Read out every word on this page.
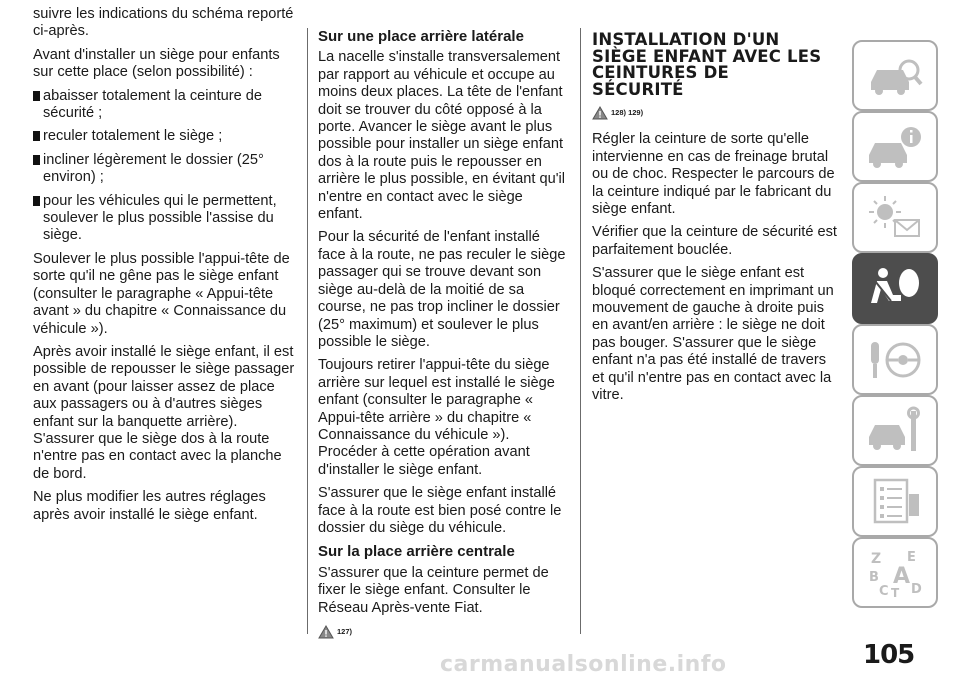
suivre les indications du schéma reporté ci-après.

Avant d'installer un siège pour enfants sur cette place (selon possibilité) :

abaisser totalement la ceinture de sécurité ;
reculer totalement le siège ;
incliner légèrement le dossier (25° environ) ;
pour les véhicules qui le permettent, soulever le plus possible l'assise du siège.

Soulever le plus possible l'appui-tête de sorte qu'il ne gêne pas le siège enfant (consulter le paragraphe « Appui-tête avant » du chapitre « Connaissance du véhicule »).

Après avoir installé le siège enfant, il est possible de repousser le siège passager en avant (pour laisser assez de place aux passagers ou à d'autres sièges enfant sur la banquette arrière). S'assurer que le siège dos à la route n'entre pas en contact avec la planche de bord.

Ne plus modifier les autres réglages après avoir installé le siège enfant.

Sur une place arrière latérale

La nacelle s'installe transversalement par rapport au véhicule et occupe au moins deux places. La tête de l'enfant doit se trouver du côté opposé à la porte. Avancer le siège avant le plus possible pour installer un siège enfant dos à la route puis le repousser en arrière le plus possible, en évitant qu'il n'entre en contact avec le siège enfant.

Pour la sécurité de l'enfant installé face à la route, ne pas reculer le siège passager qui se trouve devant son siège au-delà de la moitié de sa course, ne pas trop incliner le dossier (25° maximum) et soulever le plus possible le siège.

Toujours retirer l'appui-tête du siège arrière sur lequel est installé le siège enfant (consulter le paragraphe « Appui-tête arrière » du chapitre « Connaissance du véhicule »). Procéder à cette opération avant d'installer le siège enfant.

S'assurer que le siège enfant installé face à la route est bien posé contre le dossier du siège du véhicule.

Sur la place arrière centrale

S'assurer que la ceinture permet de fixer le siège enfant. Consulter le Réseau Après-vente Fiat.

127)
INSTALLATION D'UN
SIÈGE ENFANT AVEC LES
CEINTURES DE
SÉCURITÉ
128) 129)

Régler la ceinture de sorte qu'elle intervienne en cas de freinage brutal ou de choc. Respecter le parcours de la ceinture indiqué par le fabricant du siège enfant.

Vérifier que la ceinture de sécurité est parfaitement bouclée.

S'assurer que le siège enfant est bloqué correctement en imprimant un mouvement de gauche à droite puis en avant/en arrière : le siège ne doit pas bouger. S'assurer que le siège enfant n'a pas été installé de travers et qu'il n'entre pas en contact avec la vitre.

Z E
B A
C T D
105
carmanualsonline.info
